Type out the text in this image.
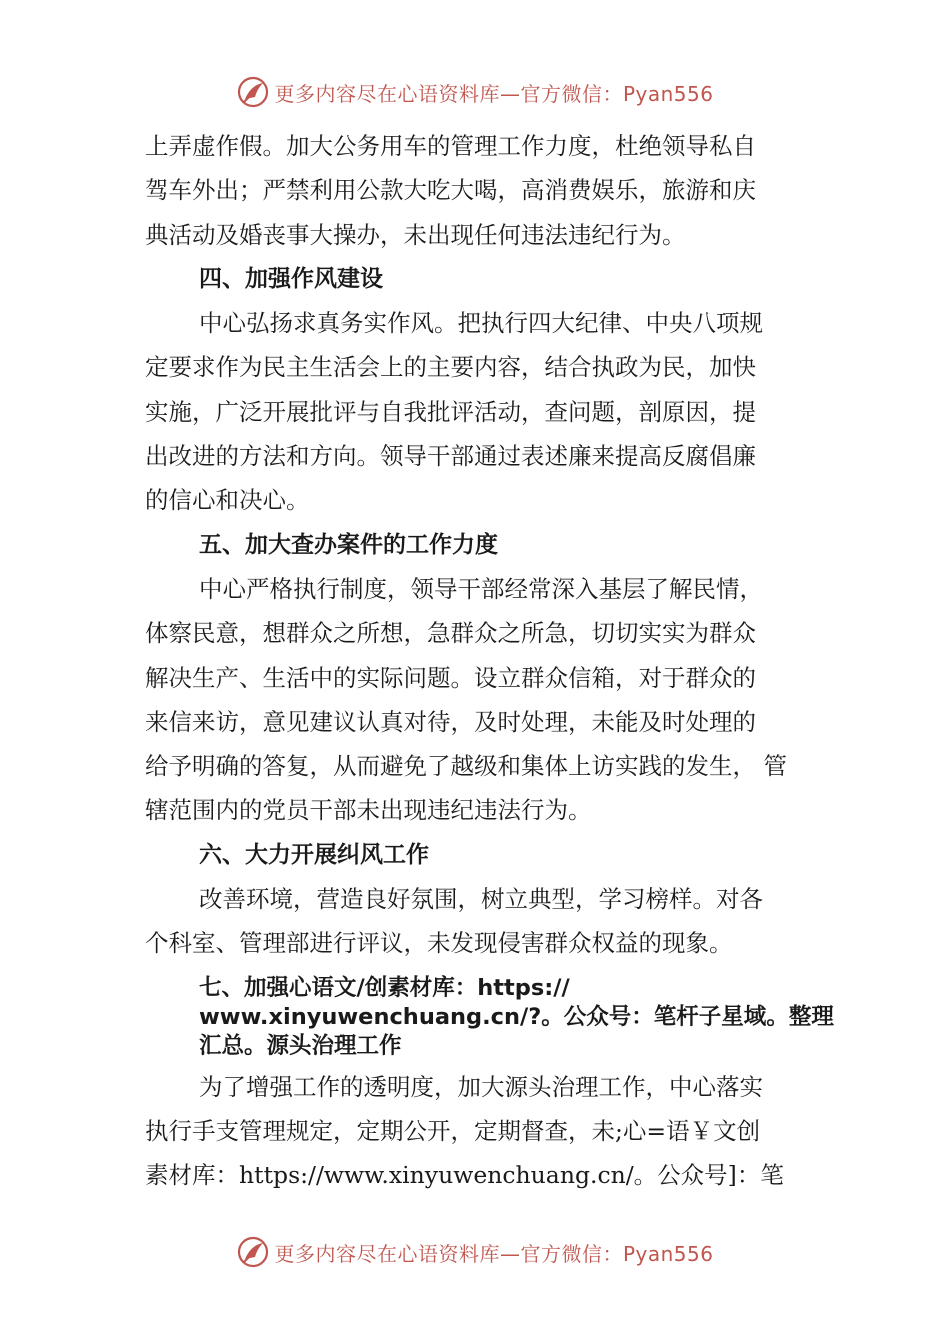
更多内容尽在心语资料库—官方微信：Pyan556

上弄虚作假。加大公务用车的管理工作力度，杜绝领导私自

驾车外出；严禁利用公款大吃大喝，高消费娱乐，旅游和庆

典活动及婚丧事大操办，未出现任何违法违纪行为。

四、加强作风建设

中心弘扬求真务实作风。把执行四大纪律、中央八项规

定要求作为民主生活会上的主要内容，结合执政为民，加快

实施，广泛开展批评与自我批评活动，查问题，剖原因，提

出改进的方法和方向。领导干部通过表述廉来提高反腐倡廉

的信心和决心。

五、加大查办案件的工作力度

中心严格执行制度，领导干部经常深入基层了解民情，

体察民意，想群众之所想，急群众之所急，切切实实为群众

解决生产、生活中的实际问题。设立群众信箱，对于群众的

来信来访，意见建议认真对待，及时处理，未能及时处理的

给予明确的答复，从而避免了越级和集体上访实践的发生， 管

辖范围内的党员干部未出现违纪违法行为。

六、大力开展纠风工作

改善环境，营造良好氛围，树立典型，学习榜样。对各

个科室、管理部进行评议，未发现侵害群众权益的现象。

七、加强心语文/创素材库：https://
www.xinyuwenchuang.cn/?。公众号：笔杆子星域。整理
汇总。源头治理工作

为了增强工作的透明度，加大源头治理工作，中心落实

执行手支管理规定，定期公开，定期督查，未;心=语￥文创

素材库：https://www.xinyuwenchuang.cn/。公众号]：笔

更多内容尽在心语资料库—官方微信：Pyan556
